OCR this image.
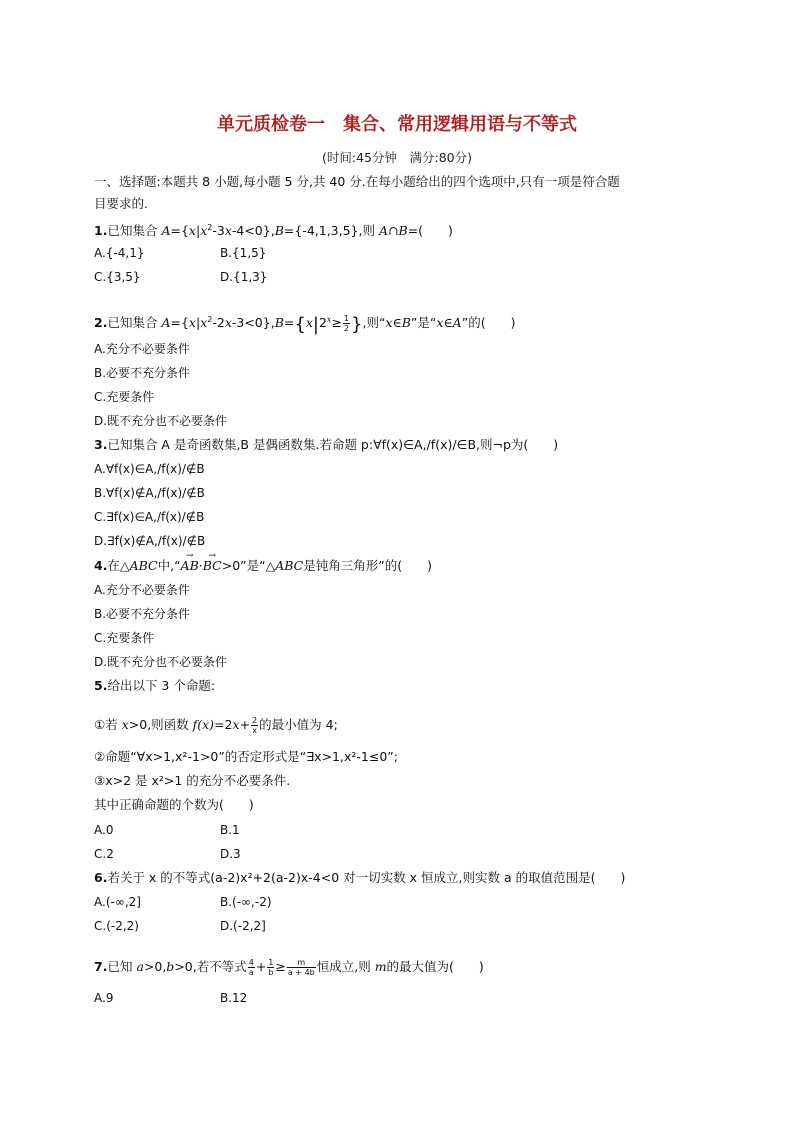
单元质检卷一　集合、常用逻辑用语与不等式
(时间:45分钟　满分:80分)
一、选择题:本题共 8 小题,每小题 5 分,共 40 分.在每小题给出的四个选项中,只有一项是符合题
目要求的.
1.已知集合 $A=\{x|x^2-3x-4<0\},B=\{-4,1,3,5\}$,则 A∩B=(　　)
A.{-4,1}	B.{1,5}
C.{3,5}	D.{1,3}
2.已知集合 $A=\{x|x^2-2x-3<0\},B=\{x|2^x\ge \frac{1}{2}$ },则“x∈B”是“x∈A”的(　　)
A.充分不必要条件
B.必要不充分条件
C.充要条件
D.既不充分也不必要条件
3.已知集合 A 是奇函数集,B 是偶函数集.若命题 p:∀f(x)∈A,/f(x)/∈B,则¬p为(　　)
A.∀f(x)∈A,/f(x)/∉B
B.∀f(x)∉A,/f(x)/∉B
C.∃f(x)∈A,/f(x)/∉B
D.∃f(x)∉A,/f(x)/∉B
4.在△ABC中,“→ AB·→ BC>0”是“△ABC是钝角三角形”的(　　)
A.充分不必要条件
B.必要不充分条件
C.充要条件
D.既不充分也不必要条件
5.给出以下 3 个命题:
①若 x>0,则函数 $f(x)=2x+ \frac{2}{x}$ 的最小值为 4;
②命题“∀x>1,x²-1>0”的否定形式是“∃x>1,x²-1≤0”;
③x>2 是 x²>1 的充分不必要条件.
其中正确命题的个数为(　　)
A.0	B.1
C.2	D.3
6.若关于 x 的不等式(a-2)x²+2(a-2)x-4<0 对一切实数 x 恒成立,则实数 a 的取值范围是(　　)
A.(-∞,2]	B.(-∞,-2)
C.(-2,2)	D.(-2,2]
7.已知 a>0,b>0,若不等式 $\frac{4}{a} + \frac{1}{b} \ge \frac{m}{a + 4b}$ 恒成立,则 m的最大值为(　　)
A.9	B.12
